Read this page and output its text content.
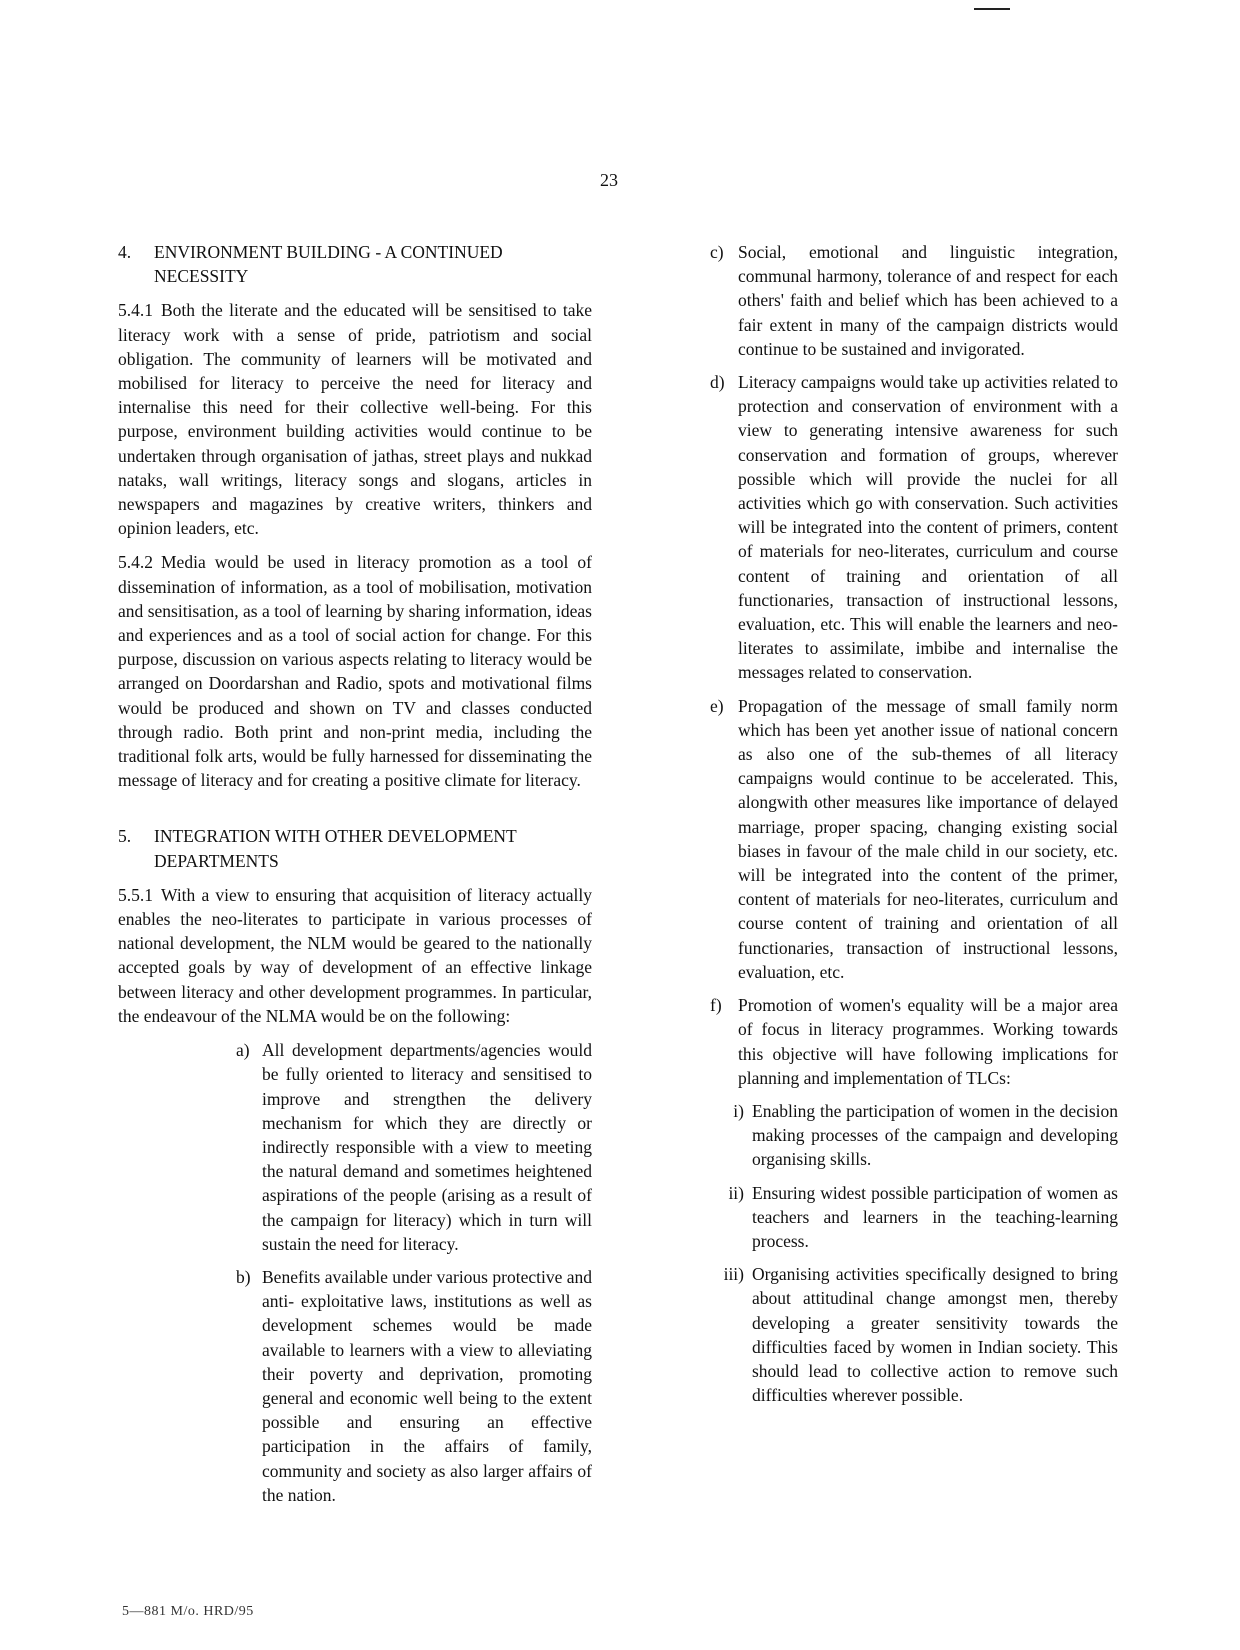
23
4.	ENVIRONMENT BUILDING - A CONTINUED NECESSITY

5.4.1 Both the literate and the educated will be sensitised to take literacy work with a sense of pride, patriotism and social obligation. The community of learners will be motivated and mobilised for literacy to perceive the need for literacy and internalise this need for their collective well-being. For this purpose, environment building activities would continue to be undertaken through organisation of jathas, street plays and nukkad nataks, wall writings, literacy songs and slogans, articles in newspapers and magazines by creative writers, thinkers and opinion leaders, etc.

5.4.2 Media would be used in literacy promotion as a tool of dissemination of information, as a tool of mobilisation, motivation and sensitisation, as a tool of learning by sharing information, ideas and experiences and as a tool of social action for change. For this purpose, discussion on various aspects relating to literacy would be arranged on Doordarshan and Radio, spots and motivational films would be produced and shown on TV and classes conducted through radio. Both print and non-print media, including the traditional folk arts, would be fully harnessed for disseminating the message of literacy and for creating a positive climate for literacy.

5.	INTEGRATION WITH OTHER DEVELOPMENT DEPARTMENTS

5.5.1 With a view to ensuring that acquisition of literacy actually enables the neo-literates to participate in various processes of national development, the NLM would be geared to the nationally accepted goals by way of development of an effective linkage between literacy and other development programmes. In particular, the endeavour of the NLMA would be on the following:

a) All development departments/agencies would be fully oriented to literacy and sensitised to improve and strengthen the delivery mechanism for which they are directly or indirectly responsible with a view to meeting the natural demand and sometimes heightened aspirations of the people (arising as a result of the campaign for literacy) which in turn will sustain the need for literacy.
b) Benefits available under various protective and anti- exploitative laws, institutions as well as development schemes would be made available to learners with a view to alleviating their poverty and deprivation, promoting general and economic well being to the extent possible and ensuring an effective participation in the affairs of family, community and society as also larger affairs of the nation.
c) Social, emotional and linguistic integration, communal harmony, tolerance of and respect for each others' faith and belief which has been achieved to a fair extent in many of the campaign districts would continue to be sustained and invigorated.
d) Literacy campaigns would take up activities related to protection and conservation of environment with a view to generating intensive awareness for such conservation and formation of groups, wherever possible which will provide the nuclei for all activities which go with conservation. Such activities will be integrated into the content of primers, content of materials for neo-literates, curriculum and course content of training and orientation of all functionaries, transaction of instructional lessons, evaluation, etc. This will enable the learners and neo-literates to assimilate, imbibe and internalise the messages related to conservation.
e) Propagation of the message of small family norm which has been yet another issue of national concern as also one of the sub-themes of all literacy campaigns would continue to be accelerated. This, alongwith other measures like importance of delayed marriage, proper spacing, changing existing social biases in favour of the male child in our society, etc. will be integrated into the content of the primer, content of materials for neo-literates, curriculum and course content of training and orientation of all functionaries, transaction of instructional lessons, evaluation, etc.
f) Promotion of women's equality will be a major area of focus in literacy programmes. Working towards this objective will have following implications for planning and implementation of TLCs:
i) Enabling the participation of women in the decision making processes of the campaign and developing organising skills.
ii) Ensuring widest possible participation of women as teachers and learners in the teaching-learning process.
iii) Organising activities specifically designed to bring about attitudinal change amongst men, thereby developing a greater sensitivity towards the difficulties faced by women in Indian society. This should lead to collective action to remove such difficulties wherever possible.
5—881 M/o. HRD/95
